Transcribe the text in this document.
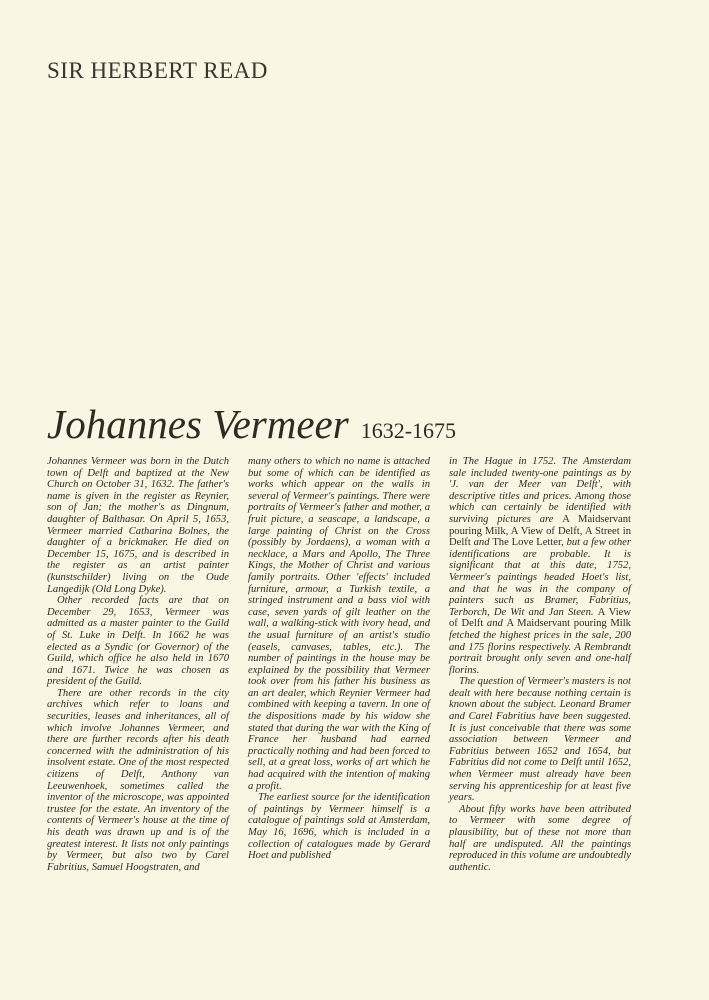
SIR HERBERT READ
Johannes Vermeer 1632-1675

Johannes Vermeer was born in the Dutch town of Delft and baptized at the New Church on October 31, 1632. The father's name is given in the register as Reynier, son of Jan; the mother's as Dingnum, daughter of Balthasar. On April 5, 1653, Vermeer married Catharina Bolnes, the daughter of a brickmaker. He died on December 15, 1675, and is described in the register as an artist painter (kunstschilder) living on the Oude Langedijk (Old Long Dyke).

Other recorded facts are that on December 29, 1653, Vermeer was admitted as a master painter to the Guild of St. Luke in Delft. In 1662 he was elected as a Syndic (or Governor) of the Guild, which office he also held in 1670 and 1671. Twice he was chosen as president of the Guild.

There are other records in the city archives which refer to loans and securities, leases and inheritances, all of which involve Johannes Vermeer, and there are further records after his death concerned with the administration of his insolvent estate. One of the most respected citizens of Delft, Anthony van Leeuwenhoek, sometimes called the inventor of the microscope, was appointed trustee for the estate. An inventory of the contents of Vermeer's house at the time of his death was drawn up and is of the greatest interest. It lists not only paintings by Vermeer, but also two by Carel Fabritius, Samuel Hoogstraten, and

many others to which no name is attached but some of which can be identified as works which appear on the walls in several of Vermeer's paintings. There were portraits of Vermeer's father and mother, a fruit picture, a seascape, a landscape, a large painting of Christ on the Cross (possibly by Jordaens), a woman with a necklace, a Mars and Apollo, The Three Kings, the Mother of Christ and various family portraits. Other 'effects' included furniture, armour, a Turkish textile, a stringed instrument and a bass viol with case, seven yards of gilt leather on the wall, a walking-stick with ivory head, and the usual furniture of an artist's studio (easels, canvases, tables, etc.). The number of paintings in the house may be explained by the possibility that Vermeer took over from his father his business as an art dealer, which Reynier Vermeer had combined with keeping a tavern. In one of the dispositions made by his widow she stated that during the war with the King of France her husband had earned practically nothing and had been forced to sell, at a great loss, works of art which he had acquired with the intention of making a profit.

The earliest source for the identification of paintings by Vermeer himself is a catalogue of paintings sold at Amsterdam, May 16, 1696, which is included in a collection of catalogues made by Gerard Hoet and published

in The Hague in 1752. The Amsterdam sale included twenty-one paintings as by 'J. van der Meer van Delft', with descriptive titles and prices. Among those which can certainly be identified with surviving pictures are A Maidservant pouring Milk, A View of Delft, A Street in Delft and The Love Letter, but a few other identifications are probable. It is significant that at this date, 1752, Vermeer's paintings headed Hoet's list, and that he was in the company of painters such as Bramer, Fabritius, Terborch, De Wit and Jan Steen. A View of Delft and A Maidservant pouring Milk fetched the highest prices in the sale, 200 and 175 florins respectively. A Rembrandt portrait brought only seven and one-half florins.

The question of Vermeer's masters is not dealt with here because nothing certain is known about the subject. Leonard Bramer and Carel Fabritius have been suggested. It is just conceivable that there was some association between Vermeer and Fabritius between 1652 and 1654, but Fabritius did not come to Delft until 1652, when Vermeer must already have been serving his apprenticeship for at least five years.

About fifty works have been attributed to Vermeer with some degree of plausibility, but of these not more than half are undisputed. All the paintings reproduced in this volume are undoubtedly authentic.
